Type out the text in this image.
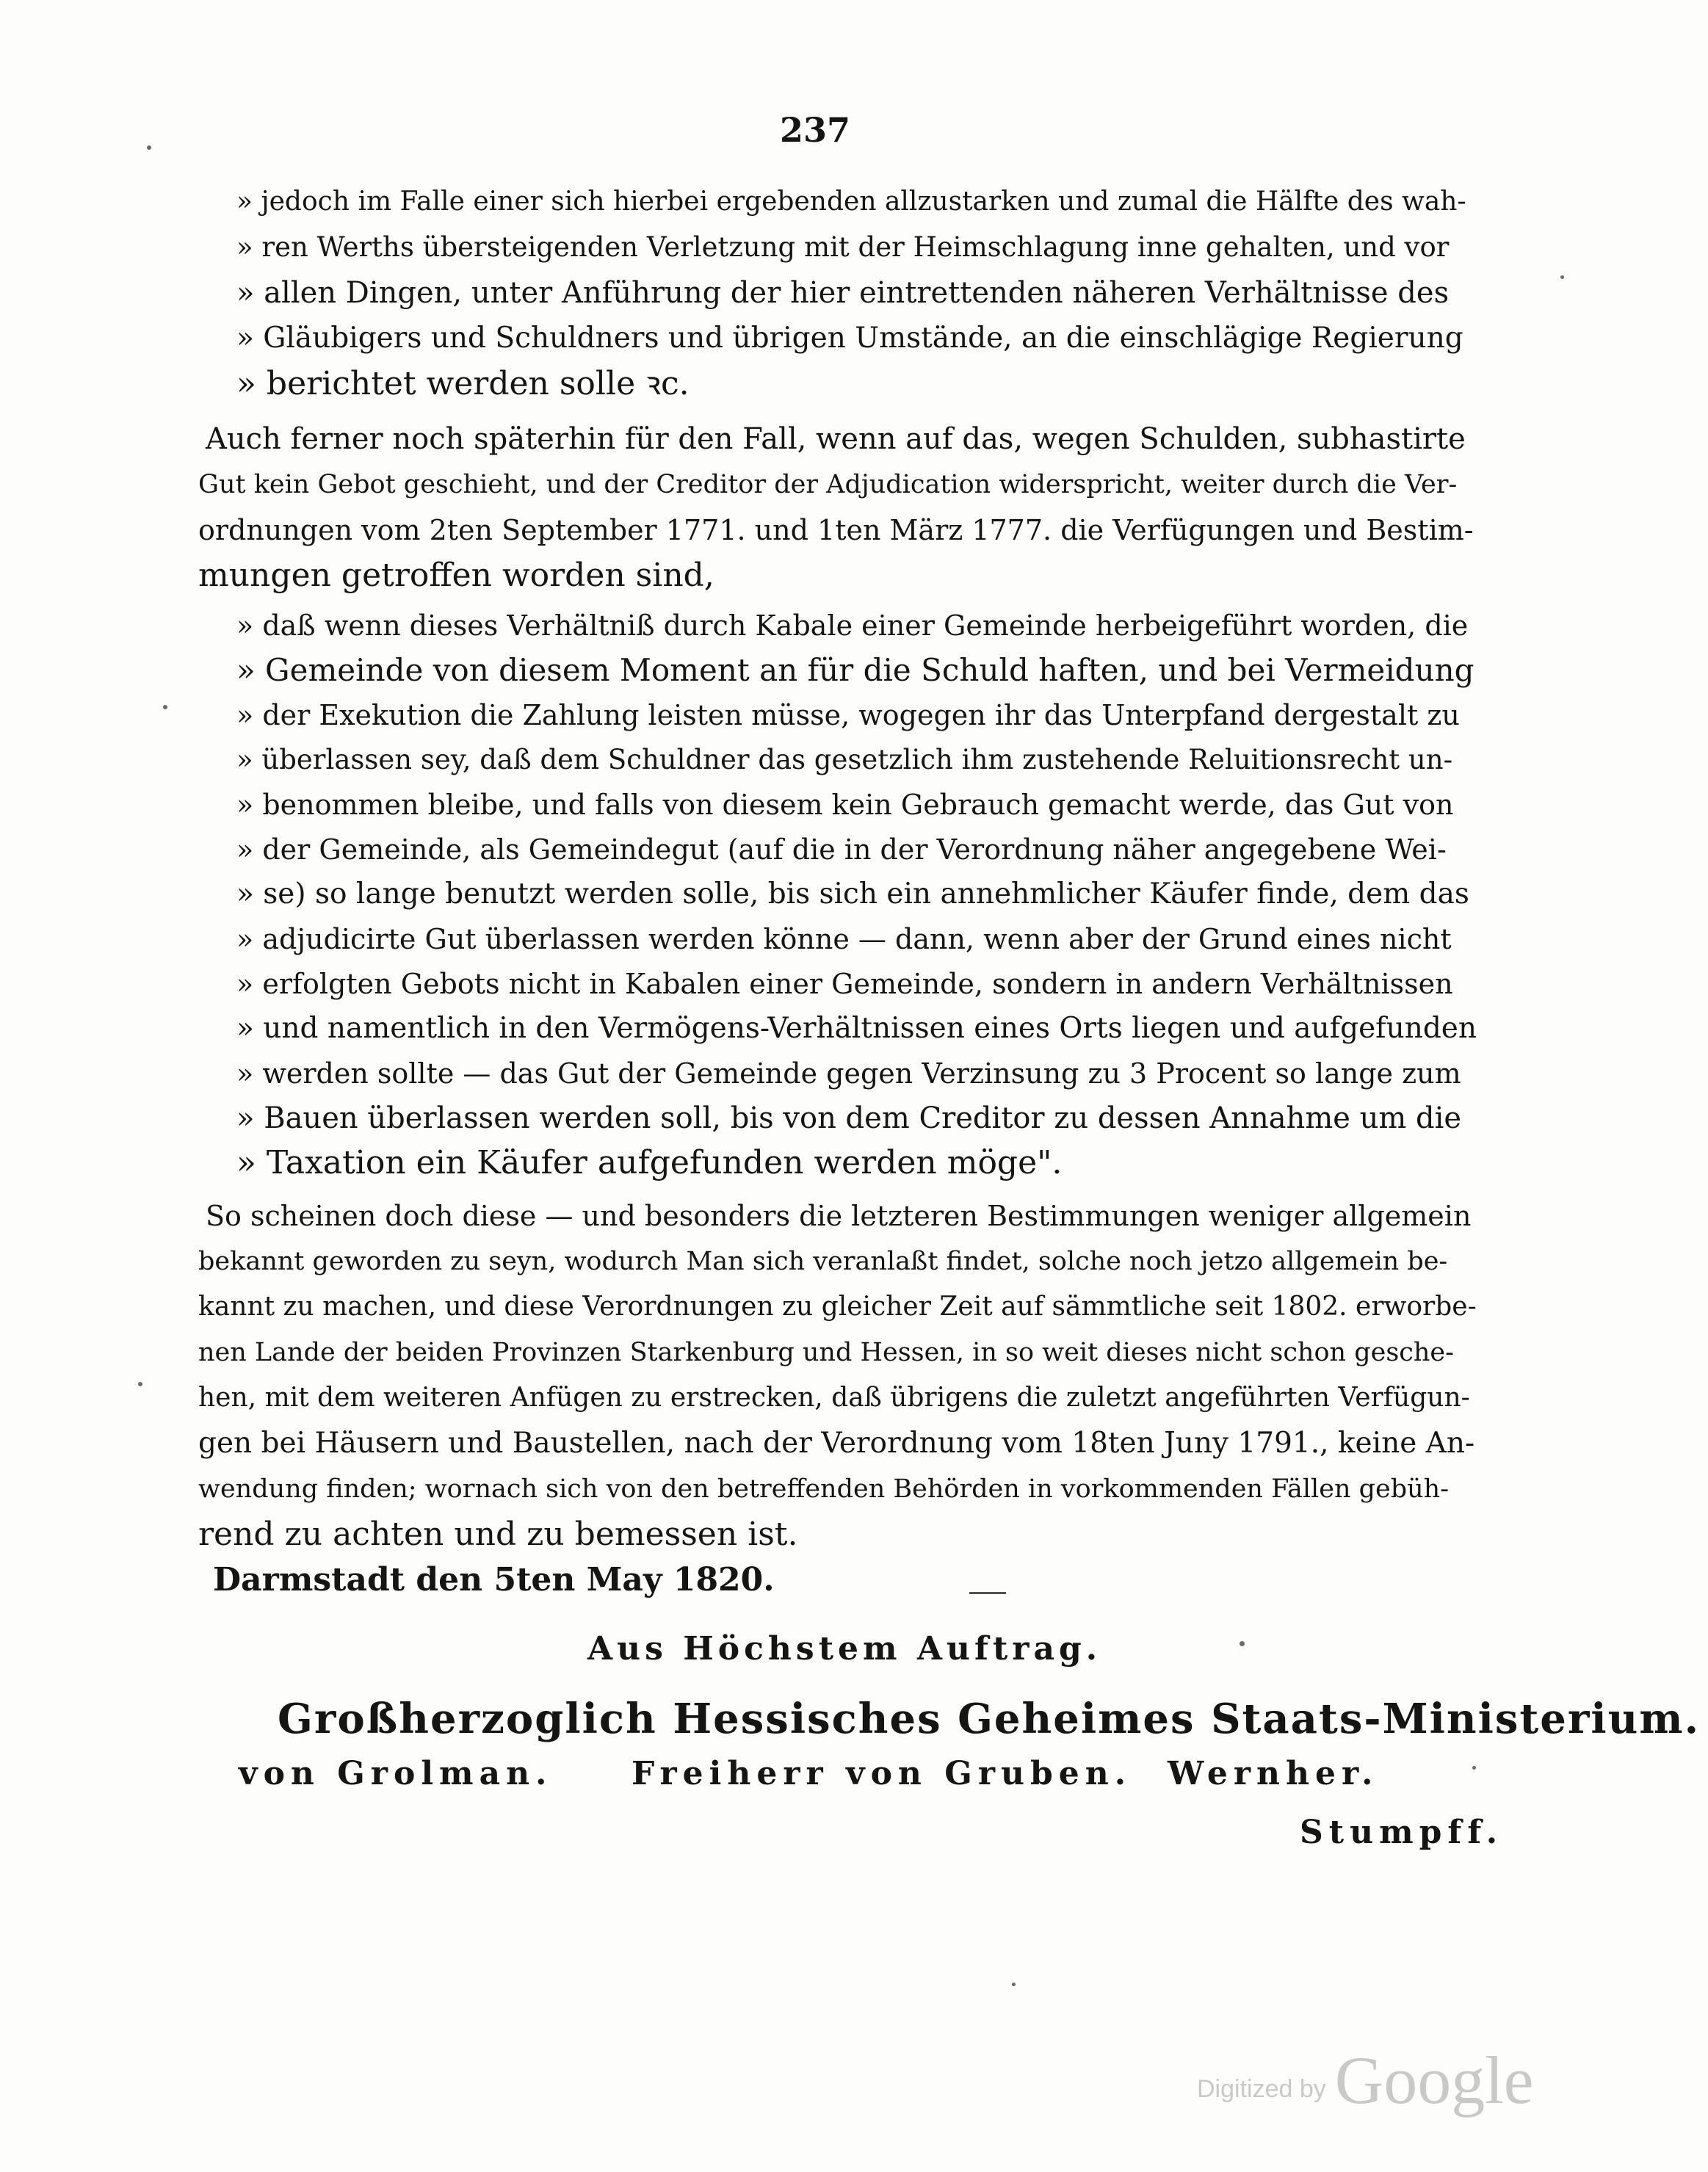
237
» jedoch im Falle einer sich hierbei ergebenden allzustarken und zumal die Hälfte des wah-
» ren Werths übersteigenden Verletzung mit der Heimschlagung inne gehalten, und vor
» allen Dingen, unter Anführung der hier eintrettenden näheren Verhältnisse des
» Gläubigers und Schuldners und übrigen Umstände, an die einschlägige Regierung
» berichtet werden solle ꝛc.
Auch ferner noch späterhin für den Fall, wenn auf das, wegen Schulden, subhastirte
Gut kein Gebot geschieht, und der Creditor der Adjudication widerspricht, weiter durch die Ver-
ordnungen vom 2ten September 1771. und 1ten März 1777. die Verfügungen und Bestim-
mungen getroffen worden sind,
» daß wenn dieses Verhältniß durch Kabale einer Gemeinde herbeigeführt worden, die
» Gemeinde von diesem Moment an für die Schuld haften, und bei Vermeidung
» der Exekution die Zahlung leisten müsse, wogegen ihr das Unterpfand dergestalt zu
» überlassen sey, daß dem Schuldner das gesetzlich ihm zustehende Reluitionsrecht un-
» benommen bleibe, und falls von diesem kein Gebrauch gemacht werde, das Gut von
» der Gemeinde, als Gemeindegut (auf die in der Verordnung näher angegebene Wei-
» se) so lange benutzt werden solle, bis sich ein annehmlicher Käufer finde, dem das
» adjudicirte Gut überlassen werden könne — dann, wenn aber der Grund eines nicht
» erfolgten Gebots nicht in Kabalen einer Gemeinde, sondern in andern Verhältnissen
» und namentlich in den Vermögens-Verhältnissen eines Orts liegen und aufgefunden
» werden sollte — das Gut der Gemeinde gegen Verzinsung zu 3 Procent so lange zum
» Bauen überlassen werden soll, bis von dem Creditor zu dessen Annahme um die
» Taxation ein Käufer aufgefunden werden möge".
So scheinen doch diese — und besonders die letzteren Bestimmungen weniger allgemein
bekannt geworden zu seyn, wodurch Man sich veranlaßt findet, solche noch jetzo allgemein be-
kannt zu machen, und diese Verordnungen zu gleicher Zeit auf sämmtliche seit 1802. erworbe-
nen Lande der beiden Provinzen Starkenburg und Hessen, in so weit dieses nicht schon gesche-
hen, mit dem weiteren Anfügen zu erstrecken, daß übrigens die zuletzt angeführten Verfügun-
gen bei Häusern und Baustellen, nach der Verordnung vom 18ten Juny 1791., keine An-
wendung finden; wornach sich von den betreffenden Behörden in vorkommenden Fällen gebüh-
rend zu achten und zu bemessen ist.
Darmstadt den 5ten May 1820.
Aus Höchstem Auftrag.
Großherzoglich Hessisches Geheimes Staats-Ministerium.
von Grolman. Freiherr von Gruben. Wernher.
Stumpff.
Digitized by Google
